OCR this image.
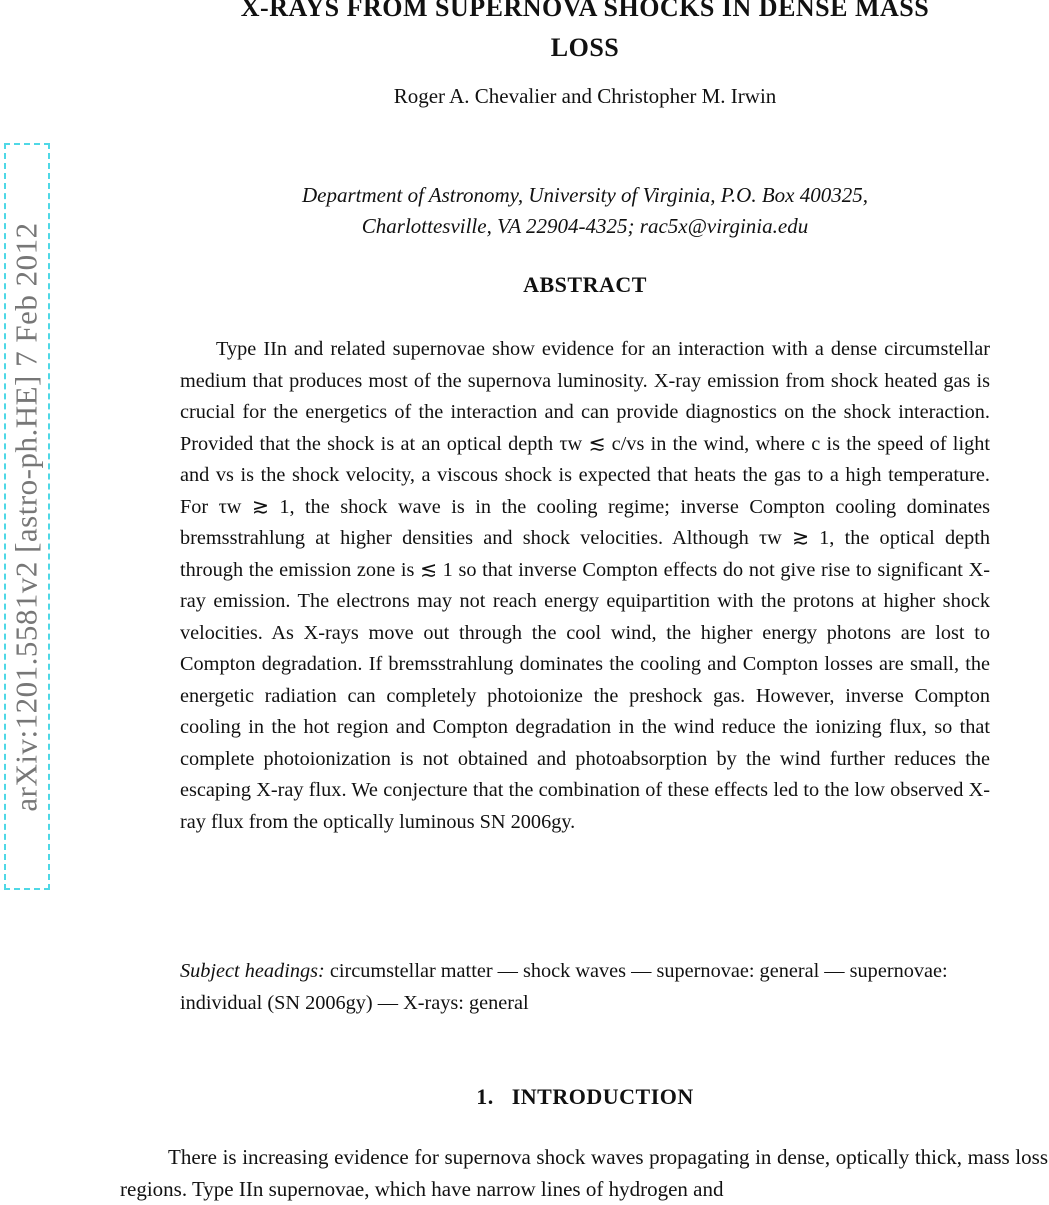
arXiv:1201.5581v2 [astro-ph.HE] 7 Feb 2012
X-RAYS FROM SUPERNOVA SHOCKS IN DENSE MASS
LOSS
Roger A. Chevalier and Christopher M. Irwin
Department of Astronomy, University of Virginia, P.O. Box 400325,
Charlottesville, VA 22904-4325; rac5x@virginia.edu
ABSTRACT

Type IIn and related supernovae show evidence for an interaction with a dense circumstellar medium that produces most of the supernova luminosity. X-ray emission from shock heated gas is crucial for the energetics of the interaction and can provide diagnostics on the shock interaction. Provided that the shock is at an optical depth τw ≲ c/vs in the wind, where c is the speed of light and vs is the shock velocity, a viscous shock is expected that heats the gas to a high temperature. For τw ≳ 1, the shock wave is in the cooling regime; inverse Compton cooling dominates bremsstrahlung at higher densities and shock velocities. Although τw ≳ 1, the optical depth through the emission zone is ≲ 1 so that inverse Compton effects do not give rise to significant X-ray emission. The electrons may not reach energy equipartition with the protons at higher shock velocities. As X-rays move out through the cool wind, the higher energy photons are lost to Compton degradation. If bremsstrahlung dominates the cooling and Compton losses are small, the energetic radiation can completely photoionize the preshock gas. However, inverse Compton cooling in the hot region and Compton degradation in the wind reduce the ionizing flux, so that complete photoionization is not obtained and photoabsorption by the wind further reduces the escaping X-ray flux. We conjecture that the combination of these effects led to the low observed X-ray flux from the optically luminous SN 2006gy.

Subject headings: circumstellar matter — shock waves — supernovae: general — supernovae: individual (SN 2006gy) — X-rays: general

1. INTRODUCTION

There is increasing evidence for supernova shock waves propagating in dense, optically thick, mass loss regions. Type IIn supernovae, which have narrow lines of hydrogen and
